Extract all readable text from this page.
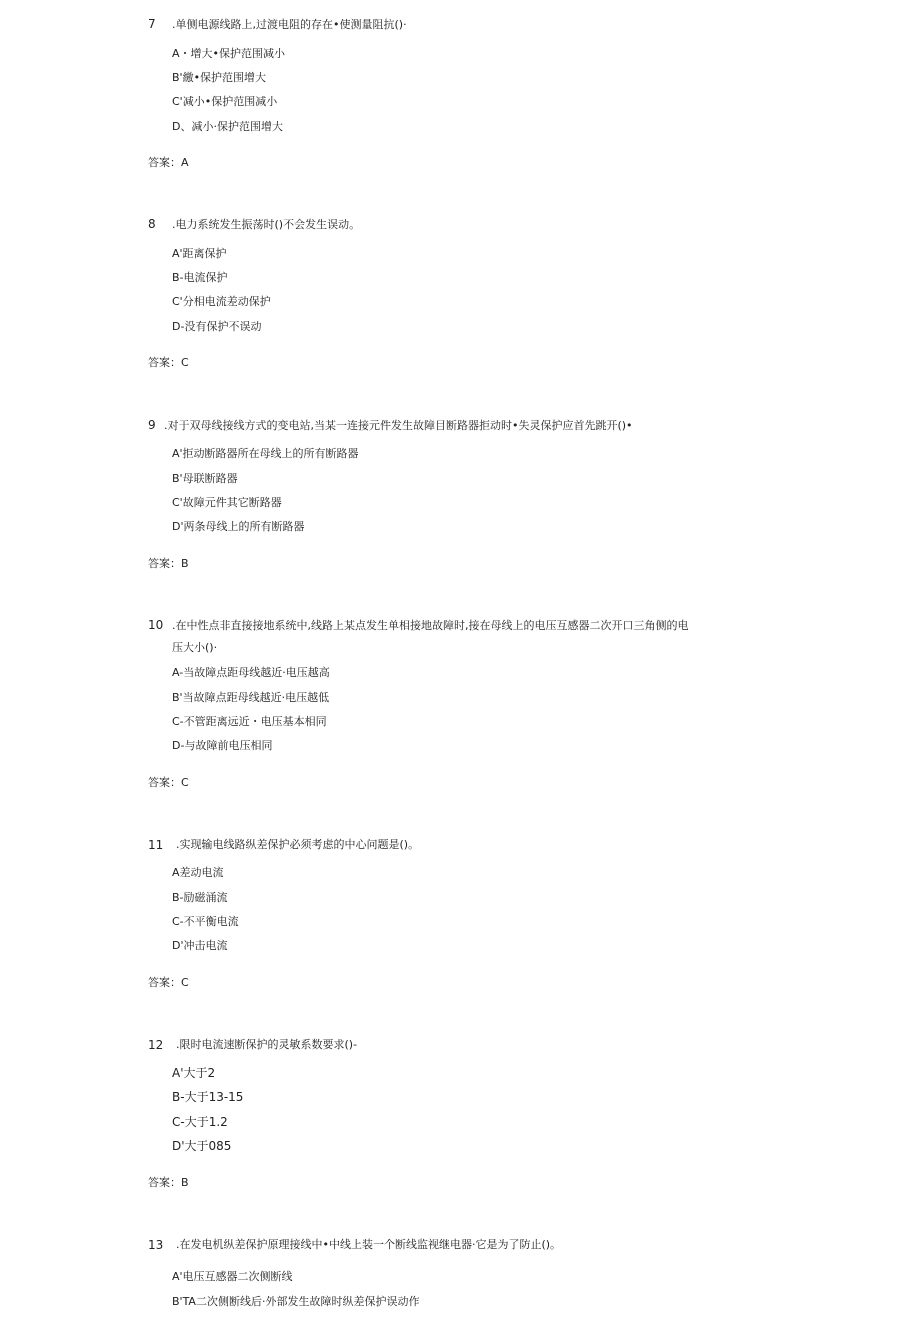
7 .单侧电源线路上,过渡电阻的存在•使测量阻抗()·

A・增大•保护范围减小

B'繳•保护范围增大

C'减小•保护范围减小

D、减小·保护范围增大

答案：A

8 .电力系统发生振荡时()不会发生误动。

A'距离保护

B-电流保护

C'分相电流差动保护

D-没有保护不误动

答案：C

9 .对于双母线接线方式的变电站,当某一连接元件发生故障目断路器拒动时•失灵保护应首先跳开()•

A'拒动断路器所在母线上的所有断路器

B'母联断路器

C'故障元件其它断路器

D'两条母线上的所有断路器

答案：B

10 .在中性点非直接接地系统中,线路上某点发生单相接地故障时,接在母线上的电压互感器二次开口三角侧的电压大小()·

A-当故障点距母线越近·电压越高

B'当故障点距母线越近·电压越低

C-不管距离远近・电压基本相同

D-与故障前电压相同

答案：C

11 .实现输电线路纵差保护必须考虑的中心问题是()。

A差动电流

B-励磁涌流

C-不平衡电流

D'冲击电流

答案：C

12 .限时电流速断保护的灵敏系数要求()-

A'大于2

B-大于13-15

C-大于1.2

D'大于085

答案：B

13 .在发电机纵差保护原理接线中•中线上装一个断线监视继电器·它是为了防止()。

A'电压互感器二次侧断线

B'TA二次侧断线后·外部发生故障时纵差保护误动作
